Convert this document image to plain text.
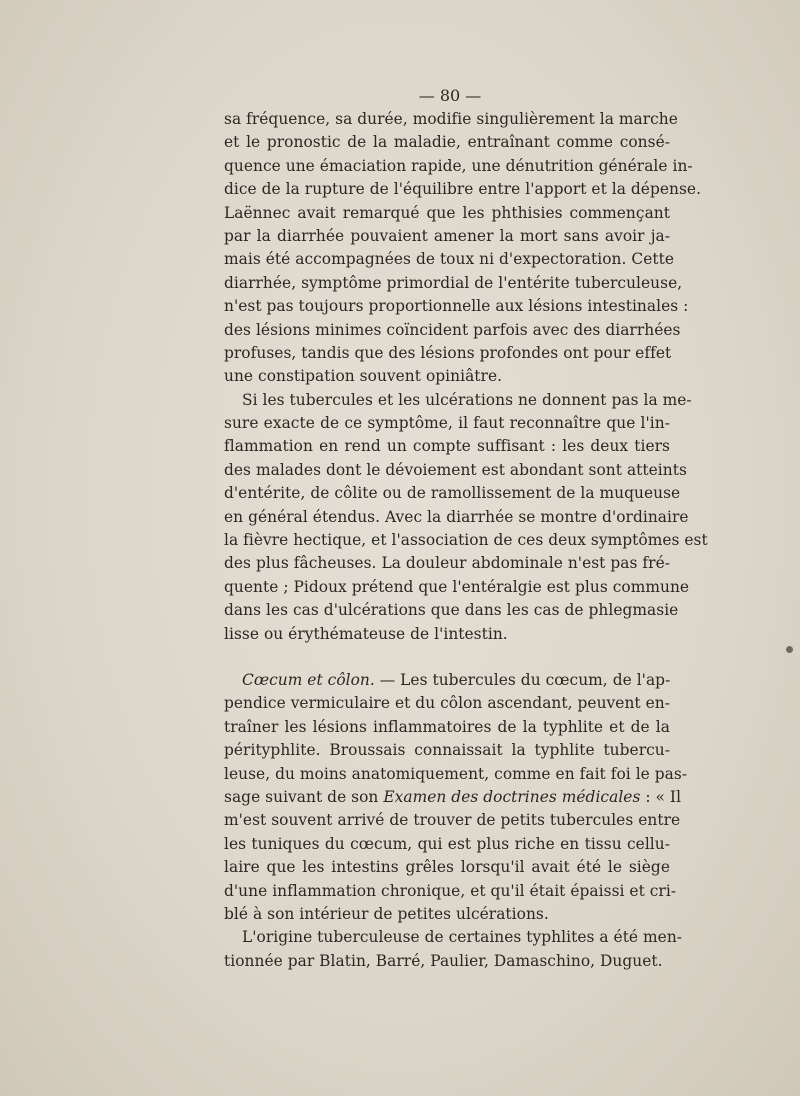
— 80 —
sa fréquence, sa durée, modifie singulièrement la marche
et le pronostic de la maladie, entraînant comme consé-
quence une émaciation rapide, une dénutrition générale in-
dice de la rupture de l'équilibre entre l'apport et la dépense.
Laënnec avait remarqué que les phthisies commençant
par la diarrhée pouvaient amener la mort sans avoir ja-
mais été accompagnées de toux ni d'expectoration. Cette
diarrhée, symptôme primordial de l'entérite tuberculeuse,
n'est pas toujours proportionnelle aux lésions intestinales :
des lésions minimes coïncident parfois avec des diarrhées
profuses, tandis que des lésions profondes ont pour effet
une constipation souvent opiniâtre.
Si les tubercules et les ulcérations ne donnent pas la me-
sure exacte de ce symptôme, il faut reconnaître que l'in-
flammation en rend un compte suffisant : les deux tiers
des malades dont le dévoiement est abondant sont atteints
d'entérite, de côlite ou de ramollissement de la muqueuse
en général étendus. Avec la diarrhée se montre d'ordinaire
la fièvre hectique, et l'association de ces deux symptômes est
des plus fâcheuses. La douleur abdominale n'est pas fré-
quente ; Pidoux prétend que l'entéralgie est plus commune
dans les cas d'ulcérations que dans les cas de phlegmasie
lisse ou érythémateuse de l'intestin.
Cœcum et côlon. — Les tubercules du cœcum, de l'ap-
pendice vermiculaire et du côlon ascendant, peuvent en-
traîner les lésions inflammatoires de la typhlite et de la
pérityphlite. Broussais connaissait la typhlite tubercu-
leuse, du moins anatomiquement, comme en fait foi le pas-
sage suivant de son Examen des doctrines médicales : « Il
m'est souvent arrivé de trouver de petits tubercules entre
les tuniques du cœcum, qui est plus riche en tissu cellu-
laire que les intestins grêles lorsqu'il avait été le siège
d'une inflammation chronique, et qu'il était épaissi et cri-
blé à son intérieur de petites ulcérations.
L'origine tuberculeuse de certaines typhlites a été men-
tionnée par Blatin, Barré, Paulier, Damaschino, Duguet.
